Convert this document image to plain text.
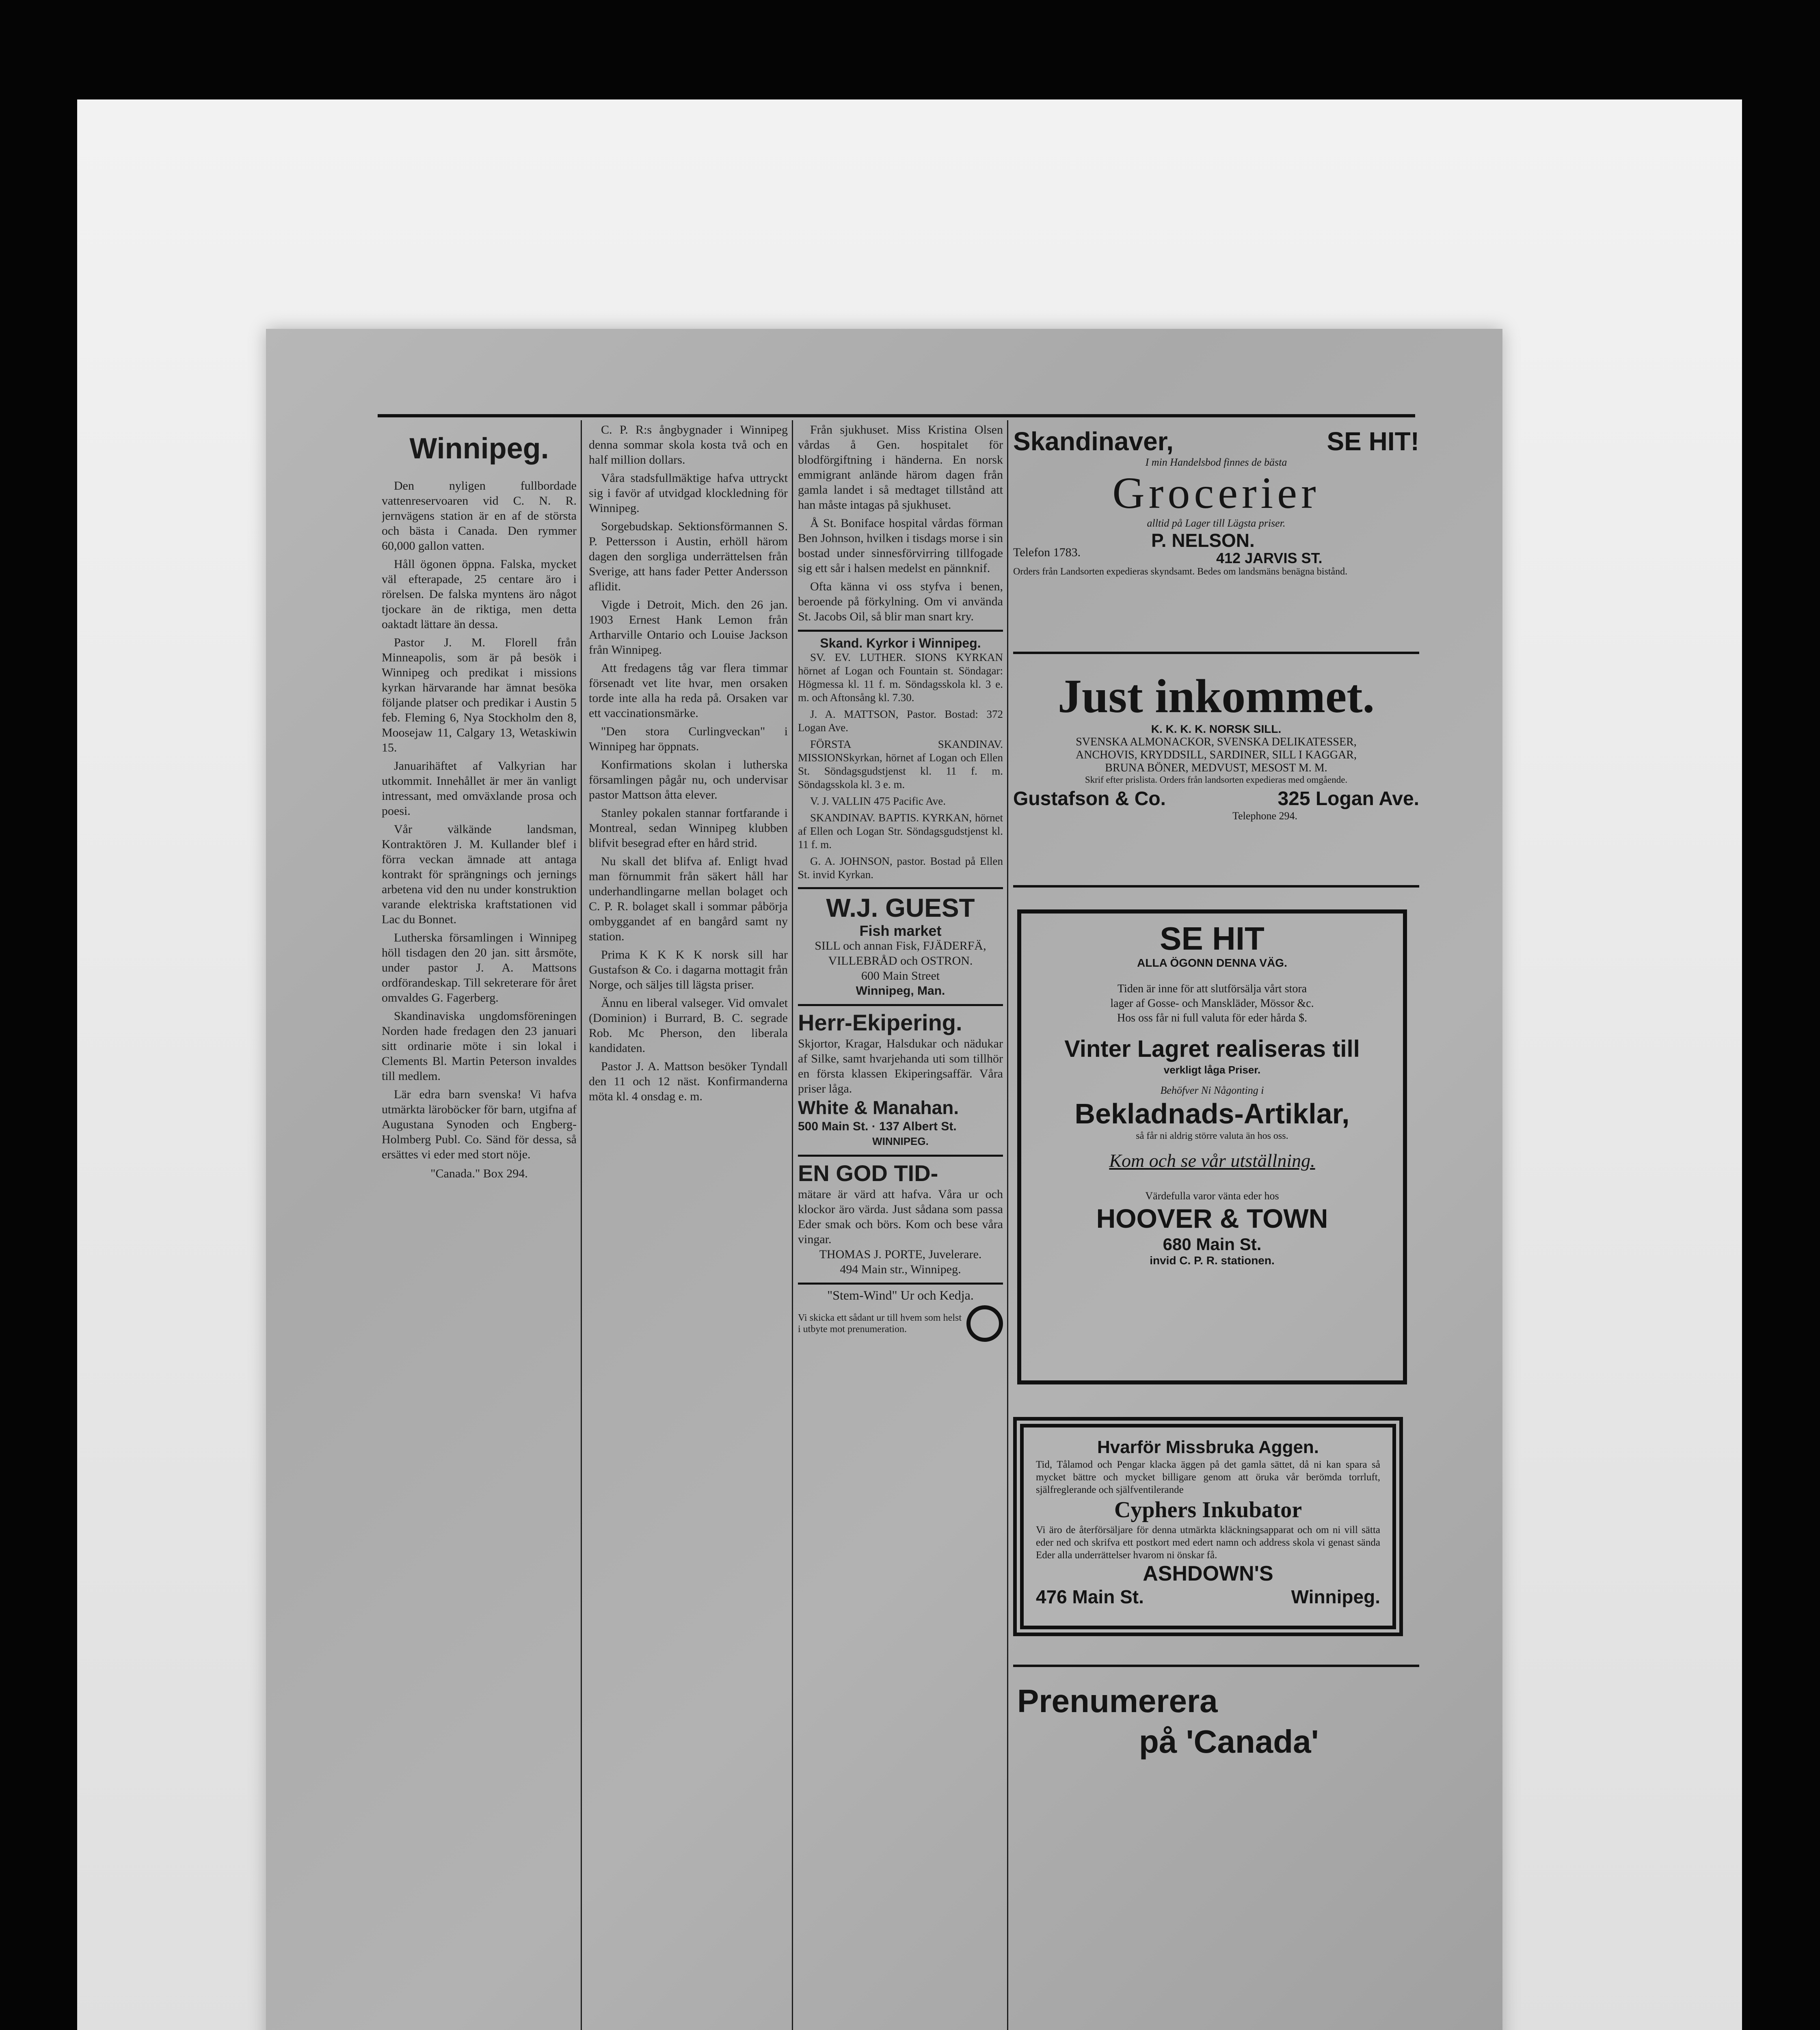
Winnipeg.

Den nyligen fullbordade vattenreservoaren vid C. N. R. jernvägens station är en af de största och bästa i Canada. Den rymmer 60,000 gallon vatten.

Håll ögonen öppna. Falska, mycket väl efterapade, 25 centare äro i rörelsen. De falska myntens äro något tjockare än de riktiga, men detta oaktadt lättare än dessa.

Pastor J. M. Florell från Minneapolis, som är på besök i Winnipeg och predikat i missions kyrkan härvarande har ämnat besöka följande platser och predikar i Austin 5 feb. Fleming 6, Nya Stockholm den 8, Moosejaw 11, Calgary 13, Wetaskiwin 15.

Januarihäftet af Valkyrian har utkommit. Innehållet är mer än vanligt intressant, med omväxlande prosa och poesi.

Vår välkände landsman, Kontraktören J. M. Kullander blef i förra veckan ämnade att antaga kontrakt för sprängnings och jernings arbetena vid den nu under konstruktion varande elektriska kraftstationen vid Lac du Bonnet.

Lutherska församlingen i Winnipeg höll tisdagen den 20 jan. sitt årsmöte, under pastor J. A. Mattsons ordförandeskap. Till sekreterare för året omvaldes G. Fagerberg.

Skandinaviska ungdomsföreningen Norden hade fredagen den 23 januari sitt ordinarie möte i sin lokal i Clements Bl. Martin Peterson invaldes till medlem.

Lär edra barn svenska! Vi hafva utmärkta läroböcker för barn, utgifna af Augustana Synoden och Engberg-Holmberg Publ. Co. Sänd för dessa, så ersättes vi eder med stort nöje.

"Canada." Box 294.

C. P. R:s ångbygnader i Winnipeg denna sommar skola kosta två och en half million dollars.

Våra stadsfullmäktige hafva uttryckt sig i favör af utvidgad klockledning för Winnipeg.

Sorgebudskap. Sektionsförmannen S. P. Pettersson i Austin, erhöll härom dagen den sorgliga underrättelsen från Sverige, att hans fader Petter Andersson aflidit.

Vigde i Detroit, Mich. den 26 jan. 1903 Ernest Hank Lemon från Artharville Ontario och Louise Jackson från Winnipeg.

Att fredagens tåg var flera timmar försenadt vet lite hvar, men orsaken torde inte alla ha reda på. Orsaken var ett vaccinationsmärke.

"Den stora Curlingveckan" i Winnipeg har öppnats.

Konfirmations skolan i lutherska församlingen pågår nu, och undervisar pastor Mattson åtta elever.

Stanley pokalen stannar fortfarande i Montreal, sedan Winnipeg klubben blifvit besegrad efter en hård strid.

Nu skall det blifva af. Enligt hvad man förnummit från säkert håll har underhandlingarne mellan bolaget och C. P. R. bolaget skall i sommar påbörja ombyggandet af en bangård samt ny station.

Prima K K K K norsk sill har Gustafson & Co. i dagarna mottagit från Norge, och säljes till lägsta priser.

Ännu en liberal valseger. Vid omvalet (Dominion) i Burrard, B. C. segrade Rob. Mc Pherson, den liberala kandidaten.

Pastor J. A. Mattson besöker Tyndall den 11 och 12 näst. Konfirmanderna möta kl. 4 onsdag e. m.

Från sjukhuset. Miss Kristina Olsen vårdas å Gen. hospitalet för blodförgiftning i händerna. En norsk emmigrant anlände härom dagen från gamla landet i så medtaget tillstånd att han måste intagas på sjukhuset.

Å St. Boniface hospital vårdas förman Ben Johnson, hvilken i tisdags morse i sin bostad under sinnesförvirring tillfogade sig ett sår i halsen medelst en pännknif.

Ofta känna vi oss styfva i benen, beroende på förkylning. Om vi använda St. Jacobs Oil, så blir man snart kry.

Skand. Kyrkor i Winnipeg.

SV. EV. LUTHER. SIONS KYRKAN hörnet af Logan och Fountain st. Söndagar: Högmessa kl. 11 f. m. Söndagsskola kl. 3 e. m. och Aftonsång kl. 7.30.

J. A. MATTSON, Pastor. Bostad: 372 Logan Ave.

FÖRSTA SKANDINAV. MISSIONSkyrkan, hörnet af Logan och Ellen St. Söndagsgudstjenst kl. 11 f. m. Söndagsskola kl. 3 e. m.

V. J. VALLIN 475 Pacific Ave.

SKANDINAV. BAPTIS. KYRKAN, hörnet af Ellen och Logan Str. Söndagsgudstjenst kl. 11 f. m.

G. A. JOHNSON, pastor. Bostad på Ellen St. invid Kyrkan.

W.J. GUEST
Fish market
SILL och annan Fisk, FJÄDERFÄ, VILLEBRÅD och OSTRON.
600 Main Street
Winnipeg, Man.
Herr-Ekipering.
Skjortor, Kragar, Halsdukar och nädukar af Silke, samt hvarjehanda uti som tillhör en första klassen Ekiperingsaffär. Våra priser låga.
White & Manahan.
500 Main St. · 137 Albert St.
WINNIPEG.
EN GOD TID-
mätare är värd att hafva. Våra ur och klockor äro värda. Just sådana som passa Eder smak och börs. Kom och bese våra vingar.
THOMAS J. PORTE, Juvelerare.
494 Main str., Winnipeg.
"Stem-Wind" Ur och Kedja.
Vi skicka ett sådant ur till hvem som helst i utbyte mot prenumeration.
Skandinaver,	SE HIT!
I min Handelsbod finnes de bästa
Grocerier
alltid på Lager till Lägsta priser.
Telefon 1783.
P. NELSON.
412 JARVIS ST.
Orders från Landsorten expedieras skyndsamt. Bedes om landsmäns benägna bistånd.
Just inkommet.
K. K. K. K. NORSK SILL.
SVENSKA ALMONACKOR, SVENSKA DELIKATESSER,
ANCHOVIS, KRYDDSILL, SARDINER, SILL I KAGGAR,
BRUNA BÖNER, MEDVUST, MESOST M. M.
Skrif efter prislista. Orders från landsorten expedieras med omgående.
Gustafson & Co.	325 Logan Ave.
Telephone 294.
SE HIT
ALLA ÖGONN DENNA VÄG.
Tiden är inne för att slutförsälja vårt stora
lager af Gosse- och Manskläder, Mössor &c.
Hos oss får ni full valuta för eder hårda $.
Vinter Lagret realiseras till
verkligt låga Priser.
Behöfver Ni Någonting i
Bekladnads-Artiklar,
så får ni aldrig större valuta än hos oss.
Kom och se vår utställning.
Värdefulla varor vänta eder hos
HOOVER & TOWN
680 Main St.
invid C. P. R. stationen.
Hvarför Missbruka Aggen.
Tid, Tålamod och Pengar klacka äggen på det gamla sättet, då ni kan spara så mycket bättre och mycket billigare genom att öruka vår berömda torrluft, själfreglerande och själfventilerande
Cyphers Inkubator
Vi äro de återförsäljare för denna utmärkta kläckningsapparat och om ni vill sätta eder ned och skrifva ett postkort med edert namn och address skola vi genast sända Eder alla underrättelser hvarom ni önskar få.
ASHDOWN'S
476 Main St.	Winnipeg.
Prenumerera
på 'Canada'
